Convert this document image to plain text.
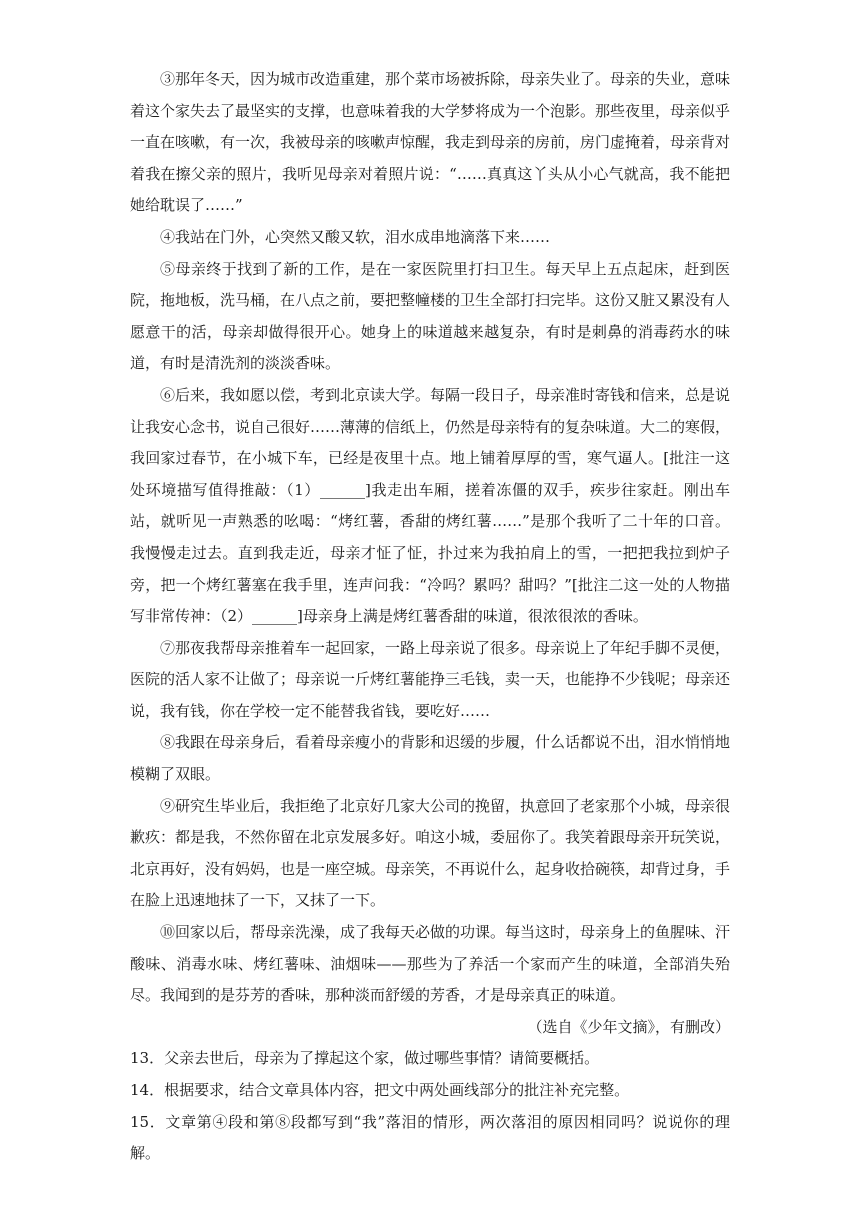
③那年冬天，因为城市改造重建，那个菜市场被拆除，母亲失业了。母亲的失业，意味着这个家失去了最坚实的支撑，也意味着我的大学梦将成为一个泡影。那些夜里，母亲似乎一直在咳嗽，有一次，我被母亲的咳嗽声惊醒，我走到母亲的房前，房门虚掩着，母亲背对着我在擦父亲的照片，我听见母亲对着照片说：“……真真这丫头从小心气就高，我不能把她给耽误了……”

④我站在门外，心突然又酸又软，泪水成串地滴落下来……

⑤母亲终于找到了新的工作，是在一家医院里打扫卫生。每天早上五点起床，赶到医院，拖地板，洗马桶，在八点之前，要把整幢楼的卫生全部打扫完毕。这份又脏又累没有人愿意干的活，母亲却做得很开心。她身上的味道越来越复杂，有时是刺鼻的消毒药水的味道，有时是清洗剂的淡淡香味。

⑥后来，我如愿以偿，考到北京读大学。每隔一段日子，母亲准时寄钱和信来，总是说让我安心念书，说自己很好……薄薄的信纸上，仍然是母亲特有的复杂味道。大二的寒假，我回家过春节，在小城下车，已经是夜里十点。地上铺着厚厚的雪，寒气逼人。[批注一这处环境描写值得推敲：（1）______]我走出车厢，搓着冻僵的双手，疾步往家赶。刚出车站，就听见一声熟悉的吆喝：“烤红薯，香甜的烤红薯……”是那个我听了二十年的口音。我慢慢走过去。直到我走近，母亲才怔了怔，扑过来为我拍肩上的雪，一把把我拉到炉子旁，把一个烤红薯塞在我手里，连声问我：“冷吗？累吗？甜吗？”[批注二这一处的人物描写非常传神：（2）______]母亲身上满是烤红薯香甜的味道，很浓很浓的香味。

⑦那夜我帮母亲推着车一起回家，一路上母亲说了很多。母亲说上了年纪手脚不灵便，医院的活人家不让做了；母亲说一斤烤红薯能挣三毛钱，卖一天，也能挣不少钱呢；母亲还说，我有钱，你在学校一定不能替我省钱，要吃好……

⑧我跟在母亲身后，看着母亲瘦小的背影和迟缓的步履，什么话都说不出，泪水悄悄地模糊了双眼。

⑨研究生毕业后，我拒绝了北京好几家大公司的挽留，执意回了老家那个小城，母亲很歉疚：都是我，不然你留在北京发展多好。咱这小城，委屈你了。我笑着跟母亲开玩笑说，北京再好，没有妈妈，也是一座空城。母亲笑，不再说什么，起身收拾碗筷，却背过身，手在脸上迅速地抹了一下，又抹了一下。

⑩回家以后，帮母亲洗澡，成了我每天必做的功课。每当这时，母亲身上的鱼腥味、汗酸味、消毒水味、烤红薯味、油烟味——那些为了养活一个家而产生的味道，全部消失殆尽。我闻到的是芬芳的香味，那种淡而舒缓的芳香，才是母亲真正的味道。

（选自《少年文摘》，有删改）

13．父亲去世后，母亲为了撑起这个家，做过哪些事情？请简要概括。

14．根据要求，结合文章具体内容，把文中两处画线部分的批注补充完整。

15．文章第④段和第⑧段都写到“我”落泪的情形，两次落泪的原因相同吗？说说你的理解。
